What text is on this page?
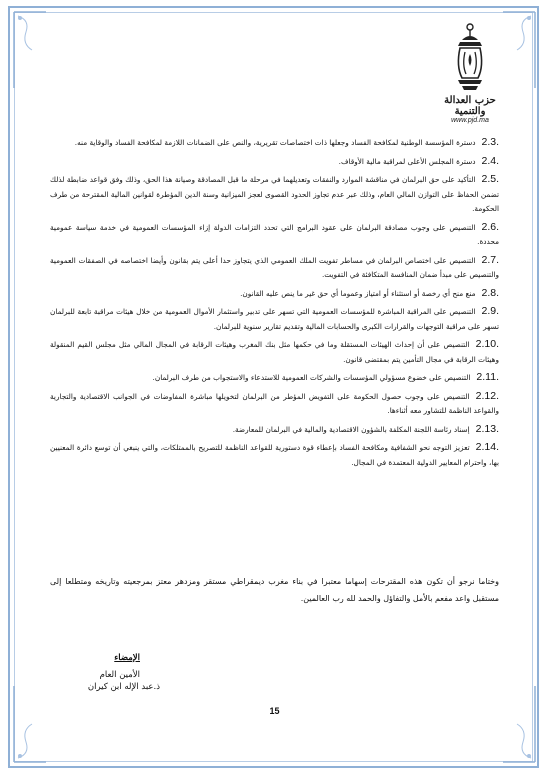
حزب العدالة والتنمية
www.pjd.ma
2.3.دسترة المؤسسة الوطنية لمكافحة الفساد وجعلها ذات اختصاصات تقريرية، والنص على الضمانات اللازمة لمكافحة الفساد والوقاية منه.
2.4.دسترة المجلس الأعلى لمراقبة مالية الأوقاف.
2.5.التأكيد على حق البرلمان في مناقشة الموارد والنفقات وتعديلهما في مرحلة ما قبل المصادقة وصيانة هذا الحق، وذلك وفق قواعد ضابطة لذلك تضمن الحفاظ على التوازن المالي العام، وذلك عبر عدم تجاوز الحدود القصوى لعجز الميزانية وسنة الدين المؤطرة لقوانين المالية المقترحة من طرف الحكومة.
2.6.التنصيص على وجوب مصادقة البرلمان على عقود البرامج التي تحدد التزامات الدولة إزاء المؤسسات العمومية في خدمة سياسة عمومية محددة.
2.7.التنصيص على اختصاص البرلمان في مساطر تفويت الملك العمومي الذي يتجاوز حدا أعلى يتم بقانون وأيضا اختصاصه في الصفقات العمومية والتنصيص على مبدأ ضمان المنافسة المتكافئة في التفويت.
2.8.منع منح أي رخصة أو استثناء أو امتياز وعموما أي حق غير ما ينص عليه القانون.
2.9.التنصيص على المراقبة المباشرة للمؤسسات العمومية التي تسهر على تدبير واستثمار الأموال العمومية من خلال هيئات مراقبة تابعة للبرلمان تسهر على مراقبة التوجهات والقرارات الكبرى والحسابات المالية وتقديم تقارير سنوية للبرلمان.
2.10.التنصيص على أن إحداث الهيئات المستقلة وما في حكمها مثل بنك المغرب وهيئات الرقابة في المجال المالي مثل مجلس القيم المنقولة وهيئات الرقابة في مجال التأمين يتم بمقتضى قانون.
2.11.التنصيص على خضوع مسؤولي المؤسسات والشركات العمومية للاستدعاء والاستجواب من طرف البرلمان.
2.12.التنصيص على وجوب حصول الحكومة على التفويض المؤطر من البرلمان لتخويلها مباشرة المفاوضات في الجوانب الاقتصادية والتجارية والقواعد الناظمة للتشاور معه أثناءها.
2.13.إسناد رئاسة اللجنة المكلفة بالشؤون الاقتصادية والمالية في البرلمان للمعارضة.
2.14.تعزيز التوجه نحو الشفافية ومكافحة الفساد بإعطاء قوة دستورية للقواعد الناظمة للتصريح بالممتلكات، والتي ينبغي أن توسع دائرة المعنيين بها، واحترام المعايير الدولية المعتمدة في المجال.
وختاما نرجو أن تكون هذه المقترحات إسهاما معتبرا في بناء مغرب ديمقراطي مستقر ومزدهر معتز بمرجعيته وتاريخه ومتطلعا إلى مستقبل واعد مفعم بالأمل والتفاؤل والحمد لله رب العالمين.
الإمضاء
الأمين العام
ذ.عبد الإله ابن كيران
15
